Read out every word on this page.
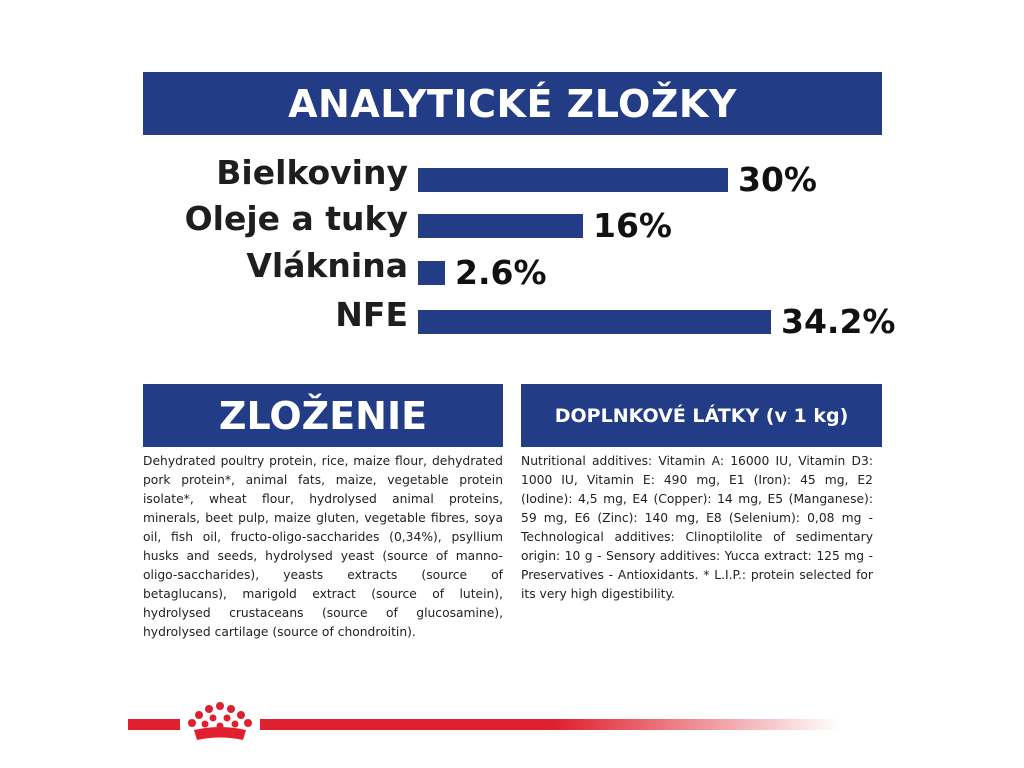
ANALYTICKÉ ZLOŽKY
Bielkoviny	30%
Oleje a tuky	16%
Vláknina 2.6%
NFE	34.2%
ZLOŽENIE
Dehydrated poultry protein, rice, maize flour, dehydrated pork protein*, animal fats, maize, vegetable protein isolate*, wheat flour, hydrolysed animal proteins, minerals, beet pulp, maize gluten, vegetable fibres, soya oil, fish oil, fructo-oligo-saccharides (0,34%), psyllium husks and seeds, hydrolysed yeast (source of manno-oligo-saccharides), yeasts extracts (source of betaglucans), marigold extract (source of lutein), hydrolysed crustaceans (source of glucosamine), hydrolysed cartilage (source of chondroitin).
DOPLNKOVÉ LÁTKY (v 1 kg)
Nutritional additives: Vitamin A: 16000 IU, Vitamin D3: 1000 IU, Vitamin E: 490 mg, E1 (Iron): 45 mg, E2 (Iodine): 4,5 mg, E4 (Copper): 14 mg, E5 (Manganese): 59 mg, E6 (Zinc): 140 mg, E8 (Selenium): 0,08 mg - Technological additives: Clinoptilolite of sedimentary origin: 10 g - Sensory additives: Yucca extract: 125 mg - Preservatives - Antioxidants. * L.I.P.: protein selected for its very high digestibility.
